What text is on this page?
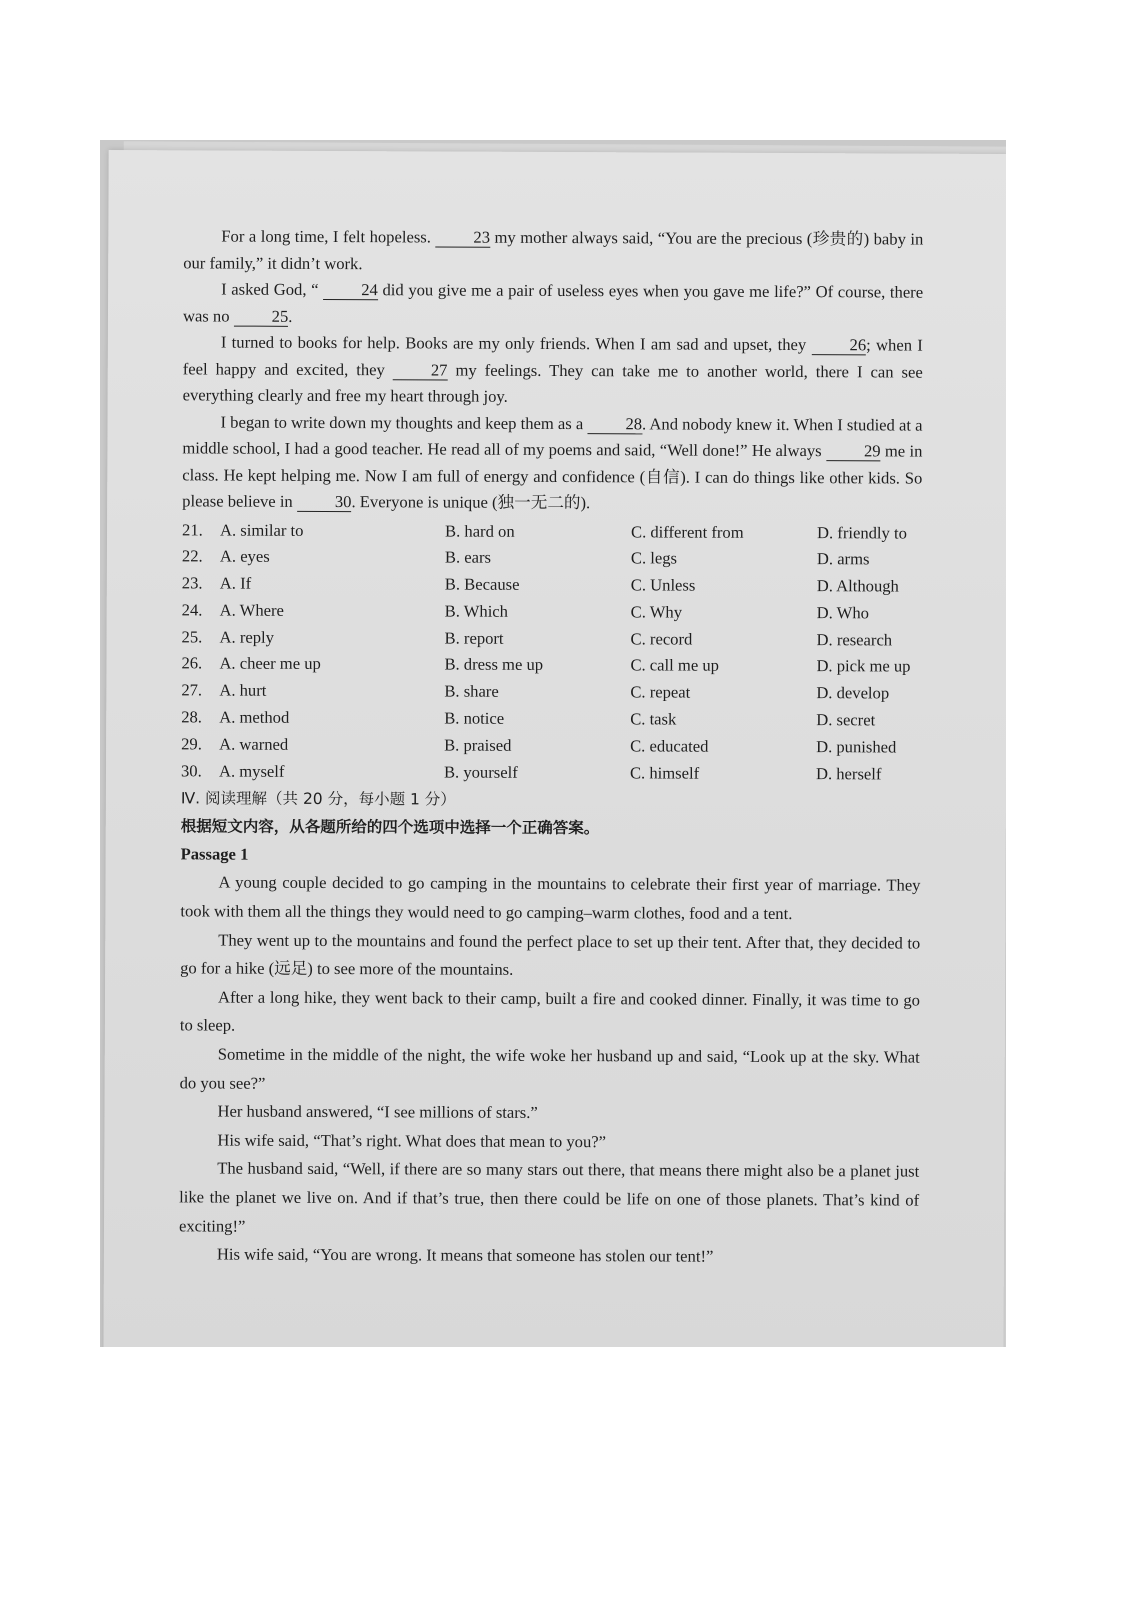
For a long time, I felt hopeless. 23 my mother always said, “You are the precious (珍贵的) baby in our family,” it didn’t work.

I asked God, “ 24 did you give me a pair of useless eyes when you gave me life?” Of course, there was no 25.

I turned to books for help. Books are my only friends. When I am sad and upset, they 26; when I feel happy and excited, they 27 my feelings. They can take me to another world, there I can see everything clearly and free my heart through joy.

I began to write down my thoughts and keep them as a 28. And nobody knew it. When I studied at a middle school, I had a good teacher. He read all of my poems and said, “Well done!” He always 29 me in class. He kept helping me. Now I am full of energy and confidence (自信). I can do things like other kids. So please believe in 30. Everyone is unique (独一无二的).

21.	A. similar to	B. hard on	C. different from	D. friendly to
22.	A. eyes	B. ears	C. legs	D. arms
23.	A. If	B. Because	C. Unless	D. Although
24.	A. Where	B. Which	C. Why	D. Who
25.	A. reply	B. report	C. record	D. research
26.	A. cheer me up	B. dress me up	C. call me up	D. pick me up
27.	A. hurt	B. share	C. repeat	D. develop
28.	A. method	B. notice	C. task	D. secret
29.	A. warned	B. praised	C. educated	D. punished
30.	A. myself	B. yourself	C. himself	D. herself

Ⅳ. 阅读理解（共 20 分，每小题 1 分）

根据短文内容，从各题所给的四个选项中选择一个正确答案。

Passage 1

A young couple decided to go camping in the mountains to celebrate their first year of marriage. They took with them all the things they would need to go camping–warm clothes, food and a tent.

They went up to the mountains and found the perfect place to set up their tent. After that, they decided to go for a hike (远足) to see more of the mountains.

After a long hike, they went back to their camp, built a fire and cooked dinner. Finally, it was time to go to sleep.

Sometime in the middle of the night, the wife woke her husband up and said, “Look up at the sky. What do you see?”

Her husband answered, “I see millions of stars.”

His wife said, “That’s right. What does that mean to you?”

The husband said, “Well, if there are so many stars out there, that means there might also be a planet just like the planet we live on. And if that’s true, then there could be life on one of those planets. That’s kind of exciting!”

His wife said, “You are wrong. It means that someone has stolen our tent!”
